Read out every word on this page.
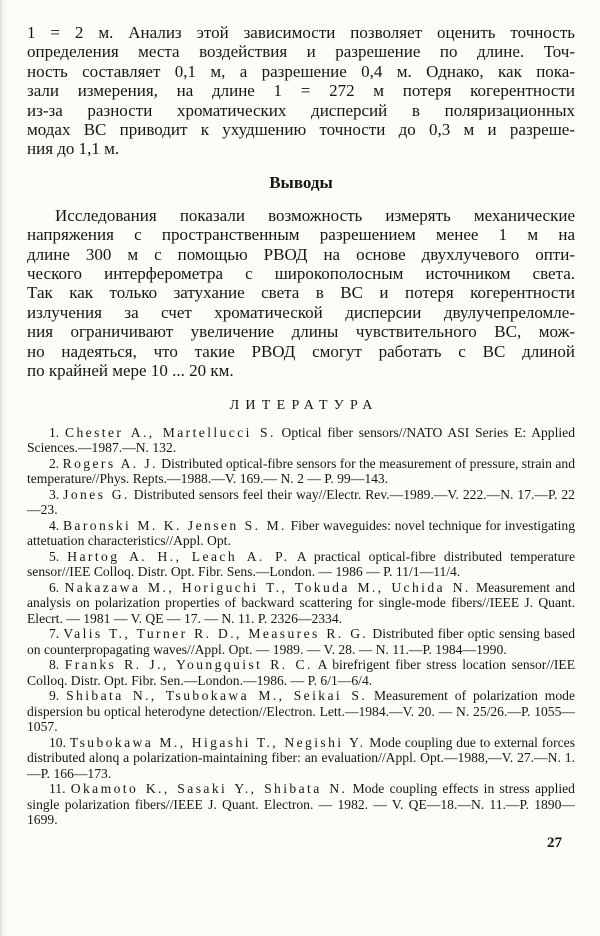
1 = 2 м. Анализ этой зависимости позволяет оценить точность
определения места воздействия и разрешение по длине. Точ-
ность составляет 0,1 м, а разрешение 0,4 м. Однако, как пока-
зали измерения, на длине 1 = 272 м потеря когерентности
из-за разности хроматических дисперсий в поляризационных
модах ВС приводит к ухудшению точности до 0,3 м и разреше-
ния до 1,1 м.
Выводы
Исследования показали возможность измерять механические
напряжения с пространственным разрешением менее 1 м на
длине 300 м с помощью РВОД на основе двухлучевого опти-
ческого интерферометра с широкополосным источником света.
Так как только затухание света в ВС и потеря когерентности
излучения за счет хроматической дисперсии двулучепреломле-
ния ограничивают увеличение длины чувствительного ВС, мож-
но надеяться, что такие РВОД смогут работать с ВС длиной
по крайней мере 10 ... 20 км.
ЛИТЕРАТУРА

1. Chester A., Martellucci S. Optical fiber sensors//NATO ASI Series E: Applied Sciences.—1987.—N. 132.

2. Rogers A. J. Distributed optical-fibre sensors for the measurement of pressure, strain and temperature//Phys. Repts.—1988.—V. 169.— N. 2 — P. 99—143.

3. Jones G. Distributed sensors feel their way//Electr. Rev.—1989.—V. 222.—N. 17.—P. 22—23.

4. Baronski M. K. Jensen S. M. Fiber waveguides: novel technique for investigating attetuation characteristics//Appl. Opt.

5. Hartog A. H., Leach A. P. A practical optical-fibre distributed temperature sensor//IEE Colloq. Distr. Opt. Fibr. Sens.—London. — 1986 — P. 11/1—11/4.

6. Nakazawa M., Horiguchi T., Tokuda M., Uchida N. Measurement and analysis on polarization properties of backward scattering for single-mode fibers//IEEE J. Quant. Elecrt. — 1981 — V. QE — 17. — N. 11. P. 2326—2334.

7. Valis T., Turner R. D., Measures R. G. Distributed fiber optic sensing based on counterpropagating waves//Appl. Opt. — 1989. — V. 28. — N. 11.—P. 1984—1990.

8. Franks R. J., Youngquist R. C. A birefrigent fiber stress location sensor//IEE Colloq. Distr. Opt. Fibr. Sen.—London.—1986. — P. 6/1—6/4.

9. Shibata N., Tsubokawa M., Seikai S. Measurement of polarization mode dispersion bu optical heterodyne detection//Electron. Lett.—1984.—V. 20. — N. 25/26.—P. 1055—1057.

10. Tsubokawa M., Higashi T., Negishi Y. Mode coupling due to external forces distributed alonq a polarization-maintaining fiber: an evaluation//Appl. Opt.—1988,—V. 27.—N. 1.—P. 166—173.

11. Okamoto K., Sasaki Y., Shibata N. Mode coupling effects in stress applied single polarization fibers//IEEE J. Quant. Electron. — 1982. — V. QE—18.—N. 11.—P. 1890—1699.

27
